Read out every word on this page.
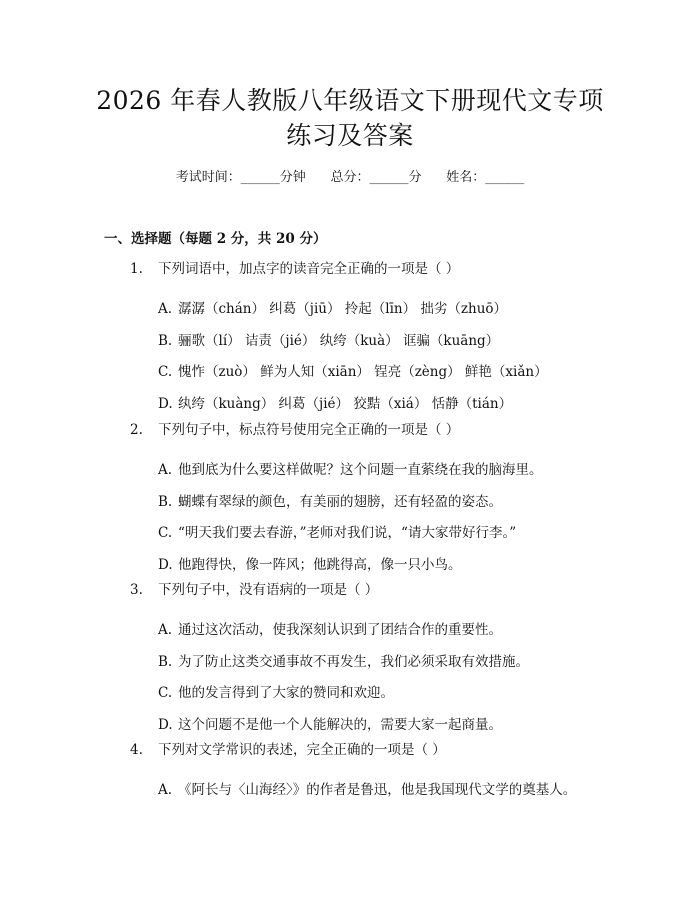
2026 年春人教版八年级语文下册现代文专项
练习及答案
考试时间：______分钟      总分：______分      姓名：______
一、选择题（每题 2 分，共 20 分）
1. 下列词语中，加点字的读音完全正确的一项是（ ）
A. 潺潺（chán） 纠葛（jiū） 拎起（līn） 拙劣（zhuō）
B. 骊歌（lí） 诘责（jié） 纨绔（kuà） 诓骗（kuāng）
C. 愧怍（zuò） 鲜为人知（xiān） 锃亮（zèng） 鲜艳（xiǎn）
D. 纨绔（kuàng） 纠葛（jié） 狡黠（xiá） 恬静（tián）
2. 下列句子中，标点符号使用完全正确的一项是（ ）
A. 他到底为什么要这样做呢？这个问题一直萦绕在我的脑海里。
B. 蝴蝶有翠绿的颜色，有美丽的翅膀，还有轻盈的姿态。
C. “明天我们要去春游，”老师对我们说，“请大家带好行李。”
D. 他跑得快，像一阵风；他跳得高，像一只小鸟。
3. 下列句子中，没有语病的一项是（ ）
A. 通过这次活动，使我深刻认识到了团结合作的重要性。
B. 为了防止这类交通事故不再发生，我们必须采取有效措施。
C. 他的发言得到了大家的赞同和欢迎。
D. 这个问题不是他一个人能解决的，需要大家一起商量。
4. 下列对文学常识的表述，完全正确的一项是（ ）
A. 《阿长与〈山海经〉》的作者是鲁迅，他是我国现代文学的奠基人。
